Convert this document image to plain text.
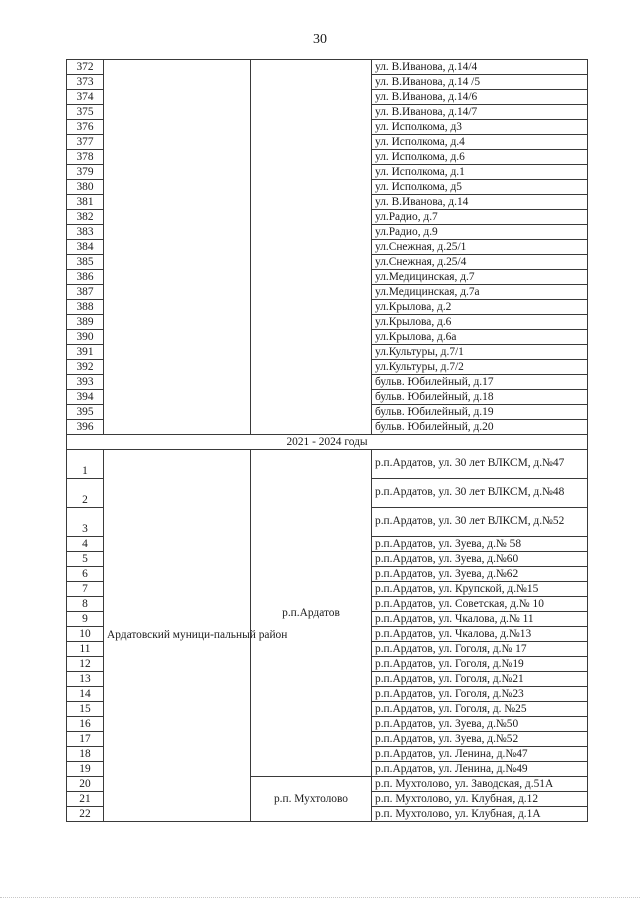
30
372			ул. В.Иванова, д.14/4
373			ул. В.Иванова, д.14 /5
374			ул. В.Иванова, д.14/6
375			ул. В.Иванова, д.14/7
376			ул. Исполкома, д3
377			ул. Исполкома, д.4
378			ул. Исполкома, д.6
379			ул. Исполкома, д.1
380			ул. Исполкома, д5
381			ул. В.Иванова, д.14
382			ул.Радио, д.7
383			ул.Радио, д.9
384			ул.Снежная, д.25/1
385			ул.Снежная, д.25/4
386			ул.Медицинская, д.7
387			ул.Медицинская, д.7а
388			ул.Крылова, д.2
389			ул.Крылова, д.6
390			ул.Крылова, д.6а
391			ул.Культуры, д.7/1
392			ул.Культуры, д.7/2
393			бульв. Юбилейный, д.17
394			бульв. Юбилейный, д.18
395			бульв. Юбилейный, д.19
396			бульв. Юбилейный, д.20
2021 - 2024 годы			
1	Ардатовский муници-пальный район	р.п.Ардатов	р.п.Ардатов, ул. 30 лет ВЛКСМ, д.№47
2			р.п.Ардатов, ул. 30 лет ВЛКСМ, д.№48
3			р.п.Ардатов, ул. 30 лет ВЛКСМ, д.№52
4			р.п.Ардатов, ул. Зуева, д.№ 58
5			р.п.Ардатов, ул. Зуева, д.№60
6			р.п.Ардатов, ул. Зуева, д.№62
7			р.п.Ардатов, ул. Крупской, д.№15
8			р.п.Ардатов, ул. Советская, д.№ 10
9			р.п.Ардатов, ул. Чкалова, д.№ 11
10			р.п.Ардатов, ул. Чкалова, д.№13
11			р.п.Ардатов, ул. Гоголя, д.№ 17
12			р.п.Ардатов, ул. Гоголя, д.№19
13			р.п.Ардатов, ул. Гоголя, д.№21
14			р.п.Ардатов, ул. Гоголя, д.№23
15			р.п.Ардатов, ул. Гоголя, д. №25
16			р.п.Ардатов, ул. Зуева, д.№50
17			р.п.Ардатов, ул. Зуева, д.№52
18			р.п.Ардатов, ул. Ленина, д.№47
19			р.п.Ардатов, ул. Ленина, д.№49
20		р.п. Мухтолово	р.п. Мухтолово, ул. Заводская, д.51А
21			р.п. Мухтолово, ул. Клубная, д.12
22			р.п. Мухтолово, ул. Клубная, д.1А
